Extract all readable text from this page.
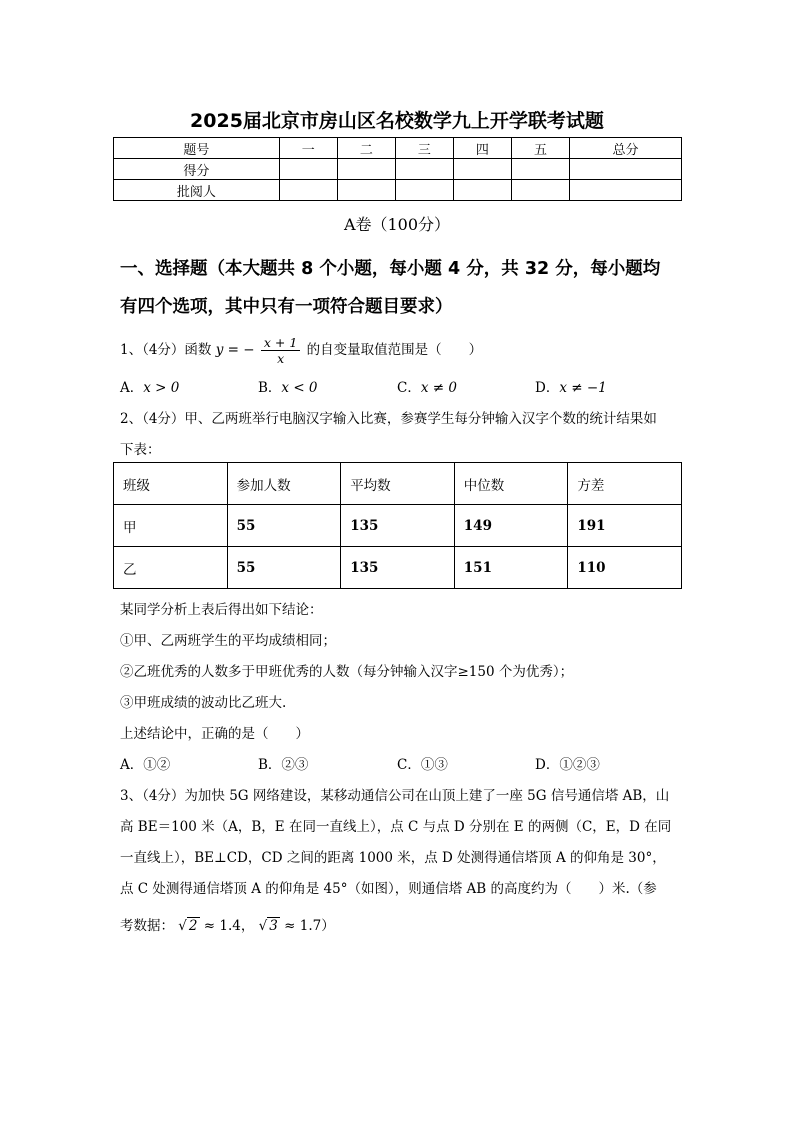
2025届北京市房山区名校数学九上开学联考试题
题号	一	二	三	四	五	总分
得分						
批阅人						
A卷（100分）
一、选择题（本大题共 8 个小题，每小题 4 分，共 32 分，每小题均
有四个选项，其中只有一项符合题目要求）
1、（4分）函数 y = − $\frac{x + 1}{x}$ 的自变量取值范围是（　　）
A．x > 0	B．x < 0	C．x ≠ 0	D．x ≠ −1
2、（4分）甲、乙两班举行电脑汉字输入比赛，参赛学生每分钟输入汉字个数的统计结果如
下表：
班级	参加人数	平均数	中位数	方差
甲	55	135	149	191
乙	55	135	151	110
某同学分析上表后得出如下结论：
①甲、乙两班学生的平均成绩相同；
②乙班优秀的人数多于甲班优秀的人数（每分钟输入汉字≥150 个为优秀）；
③甲班成绩的波动比乙班大.
上述结论中，正确的是（　　）
A．①②	B．②③	C．①③	D．①②③
3、（4分）为加快 5G 网络建设，某移动通信公司在山顶上建了一座 5G 信号通信塔 AB，山
高 BE＝100 米（A，B，E 在同一直线上），点 C 与点 D 分别在 E 的两侧（C，E，D 在同
一直线上），BE⊥CD，CD 之间的距离 1000 米，点 D 处测得通信塔顶 A 的仰角是 30°，
点 C 处测得通信塔顶 A 的仰角是 45°（如图），则通信塔 AB 的高度约为（　　）米.（参
考数据： √ 2 ≈ 1.4， √ 3 ≈ 1.7）
